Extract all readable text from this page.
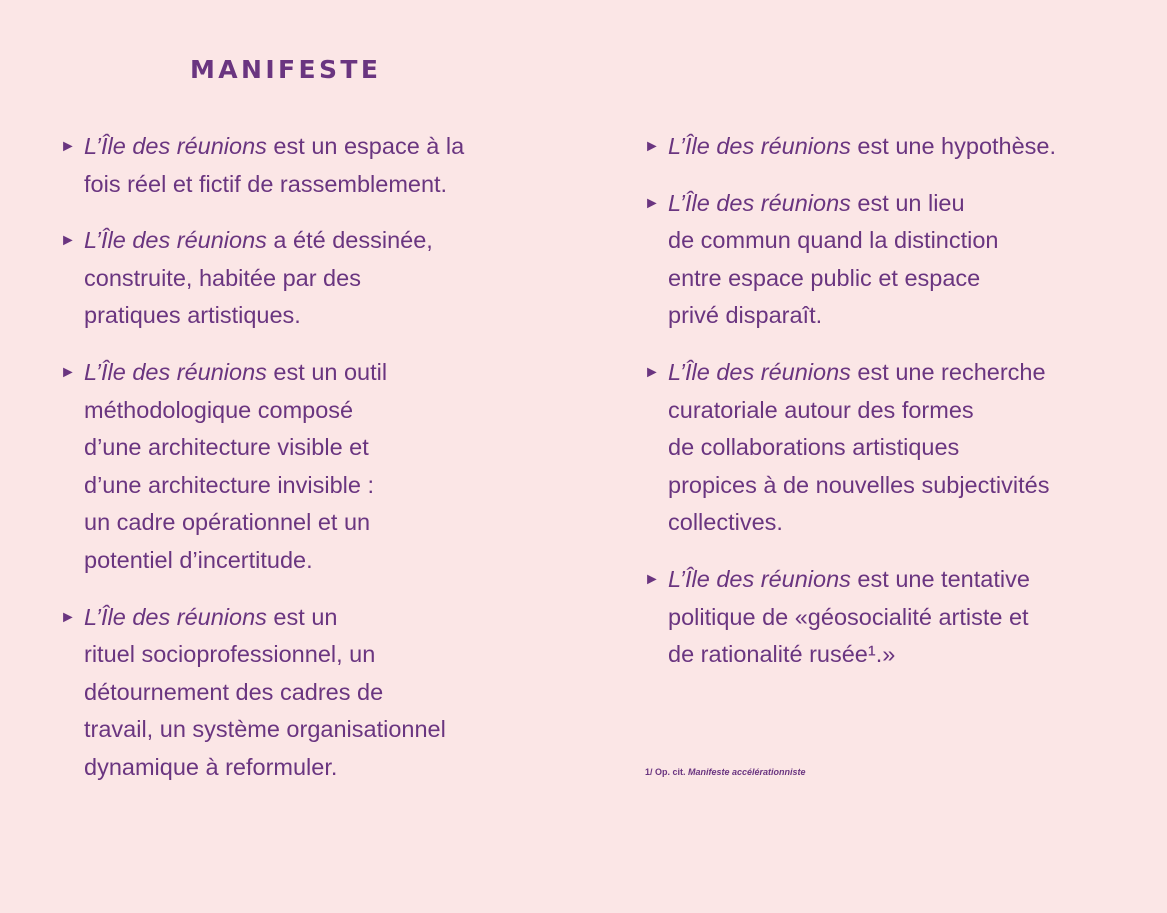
MANIFESTE
► L’Île des réunions est un espace à la
fois réel et fictif de rassemblement.
► L’Île des réunions a été dessinée,
construite, habitée par des
pratiques artistiques.
► L’Île des réunions est un outil
méthodologique composé
d’une architecture visible et
d’une architecture invisible :
un cadre opérationnel et un
potentiel d’incertitude.
► L’Île des réunions est un
rituel socioprofessionnel, un
détournement des cadres de
travail, un système organisationnel
dynamique à reformuler.
► L’Île des réunions est une hypothèse.
► L’Île des réunions est un lieu
de commun quand la distinction
entre espace public et espace
privé disparaît.
► L’Île des réunions est une recherche
curatoriale autour des formes
de collaborations artistiques
propices à de nouvelles subjectivités
collectives.
► L’Île des réunions est une tentative
politique de «géosocialité artiste et
de rationalité rusée¹.»
1/ Op. cit. Manifeste accélérationniste
